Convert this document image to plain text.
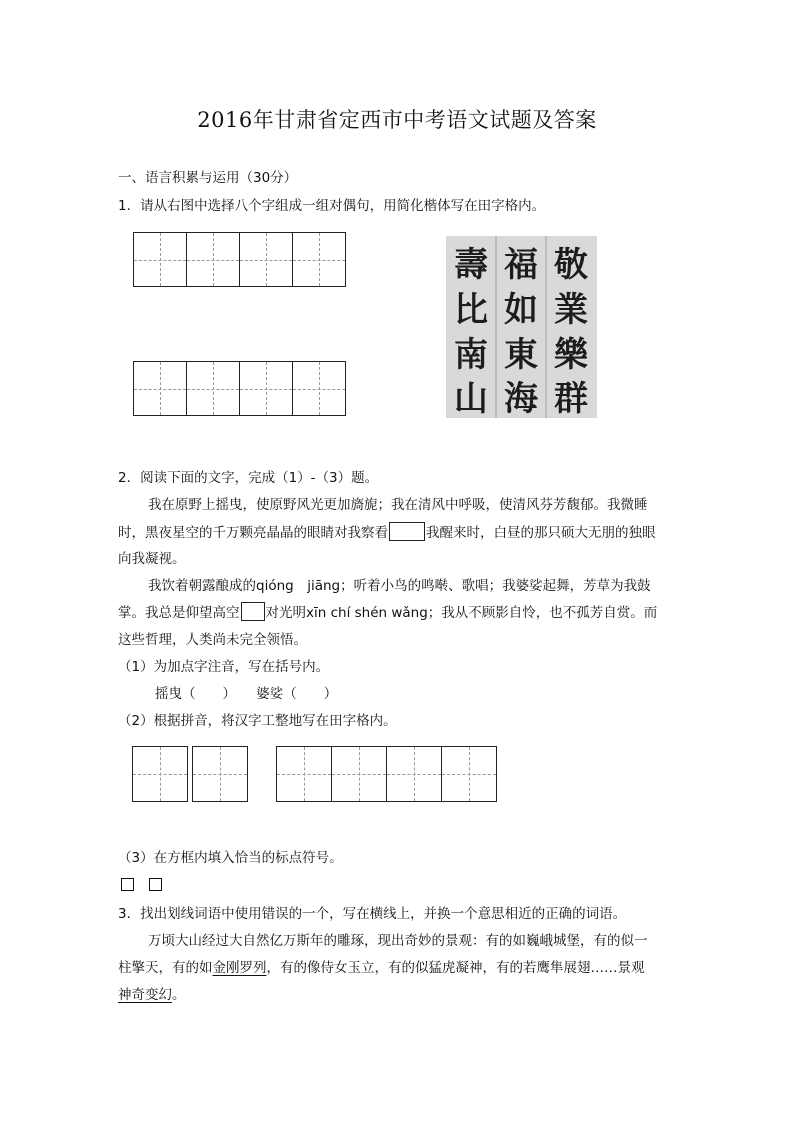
2016年甘肃省定西市中考语文试题及答案
一、语言积累与运用（30分）
1．请从右图中选择八个字组成一组对偶句，用简化楷体写在田字格内。
壽
比
南
山
福
如
東
海
敬
業
樂
群
2．阅读下面的文字，完成（1）-（3）题。
我在原野上摇曳，使原野风光更加旖旎；我在清风中呼吸，使清风芬芳馥郁。我微睡
时，黑夜星空的千万颗亮晶晶的眼睛对我察看	我醒来时，白昼的那只硕大无朋的独眼
向我凝视。
我饮着朝露酿成的qióng　jiāng；听着小鸟的鸣啭、歌唱；我婆娑起舞，芳草为我鼓
掌。我总是仰望高空 对光明xīn chí shén wǎng；我从不顾影自怜，也不孤芳自赏。而
这些哲理，人类尚未完全领悟。
（1）为加点字注音，写在括号内。
摇曳（　　）　　婆娑（　　）
（2）根据拼音，将汉字工整地写在田字格内。
（3）在方框内填入恰当的标点符号。
3．找出划线词语中使用错误的一个，写在横线上，并换一个意思相近的正确的词语。
万顷大山经过大自然亿万斯年的雕琢，现出奇妙的景观：有的如巍峨城堡，有的似一
柱擎天，有的如金刚罗列，有的像侍女玉立，有的似猛虎凝神，有的若鹰隼展翅……景观
神奇变幻。
